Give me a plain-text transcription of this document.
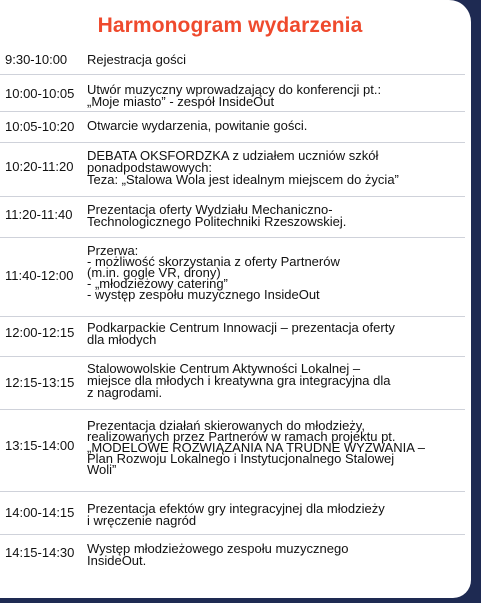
Harmonogram wydarzenia
9:30-10:00	Rejestracja gości
10:00-10:05 Utwór muzyczny wprowadzający do konferencji pt.:
„Moje miasto” - zespół InsideOut
10:05-10:20 Otwarcie wydarzenia, powitanie gości.
10:20-11:20
DEBATA OKSFORDZKA z udziałem uczniów szkół
ponadpodstawowych:
Teza: „Stalowa Wola jest idealnym miejscem do życia”
11:20-11:40	Prezentacja oferty Wydziału Mechaniczno-
Technologicznego Politechniki Rzeszowskiej.
11:40-12:00
Przerwa:
- możliwość skorzystania z oferty Partnerów
(m.in. gogle VR, drony)
- „młodzieżowy catering”
- występ zespołu muzycznego InsideOut
12:00-12:15 Podkarpackie Centrum Innowacji – prezentacja oferty
dla młodych
12:15-13:15
Stalowowolskie Centrum Aktywności Lokalnej –
miejsce dla młodych i kreatywna gra integracyjna dla
z nagrodami.
13:15-14:00
Prezentacja działań skierowanych do młodzieży,
realizowanych przez Partnerów w ramach projektu pt.
„MODELOWE ROZWIĄZANIA NA TRUDNE WYZWANIA –
Plan Rozwoju Lokalnego i Instytucjonalnego Stalowej
Woli”
14:00-14:15 Prezentacja efektów gry integracyjnej dla młodzieży
i wręczenie nagród
14:15-14:30 Występ młodzieżowego zespołu muzycznego
InsideOut.
